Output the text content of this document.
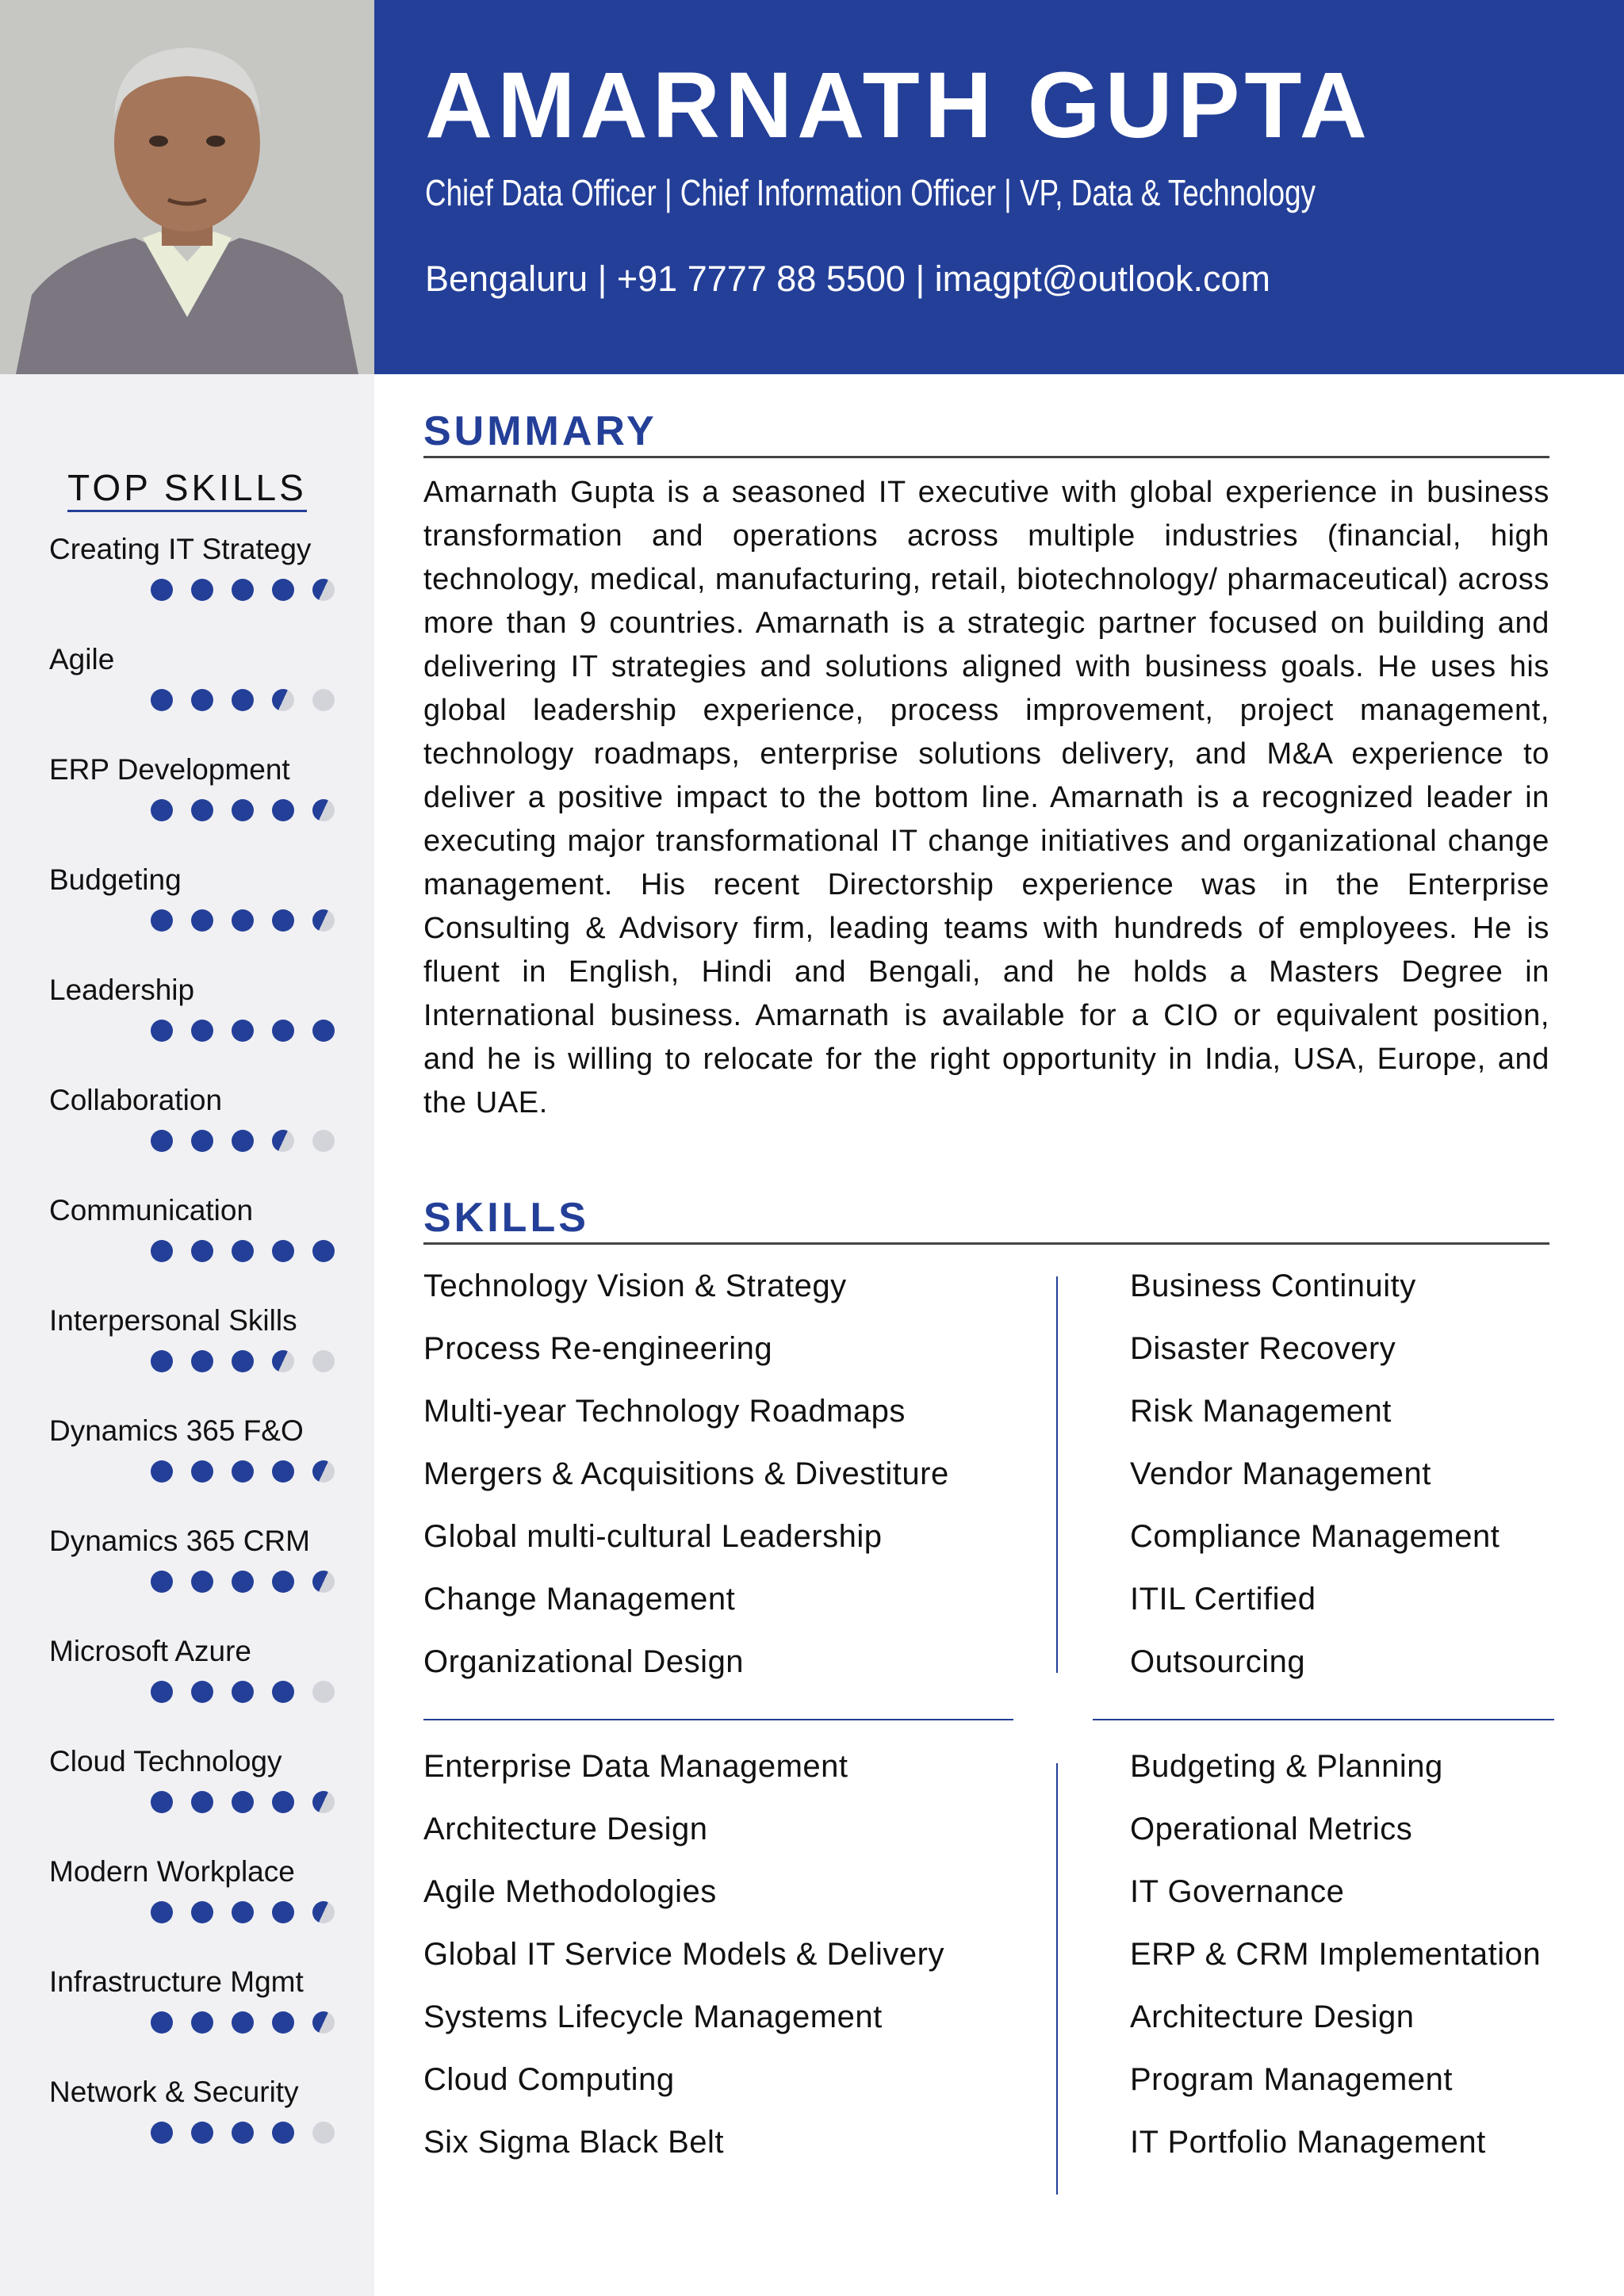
AMARNATH GUPTA
Chief Data Officer | Chief Information Officer | VP, Data & Technology
Bengaluru | +91 7777 88 5500 | imagpt@outlook.com
TOP SKILLS
Creating IT Strategy
Agile
ERP Development
Budgeting
Leadership
Collaboration
Communication
Interpersonal Skills
Dynamics 365 F&O
Dynamics 365 CRM
Microsoft Azure
Cloud Technology
Modern Workplace
Infrastructure Mgmt
Network & Security
SUMMARY
Amarnath Gupta is a seasoned IT executive with global experience in business transformation and operations across multiple industries (financial, high technology, medical, manufacturing, retail, biotechnology/ pharmaceutical) across more than 9 countries. Amarnath is a strategic partner focused on building and delivering IT strategies and solutions aligned with business goals. He uses his global leadership experience, process improvement, project management, technology roadmaps, enterprise solutions delivery, and M&A experience to deliver a positive impact to the bottom line. Amarnath is a recognized leader in executing major transformational IT change initiatives and organizational change management. His recent Directorship experience was in the Enterprise Consulting & Advisory firm, leading teams with hundreds of employees. He is fluent in English, Hindi and Bengali, and he holds a Masters Degree in International business. Amarnath is available for a CIO or equivalent position, and he is willing to relocate for the right opportunity in India, USA, Europe, and the UAE.
SKILLS
Technology Vision & Strategy
Process Re-engineering
Multi-year Technology Roadmaps
Mergers & Acquisitions & Divestiture
Global multi-cultural Leadership
Change Management
Organizational Design
Business Continuity
Disaster Recovery
Risk Management
Vendor Management
Compliance Management
ITIL Certified
Outsourcing
Enterprise Data Management
Architecture Design
Agile Methodologies
Global IT Service Models & Delivery
Systems Lifecycle Management
Cloud Computing
Six Sigma Black Belt
Budgeting & Planning
Operational Metrics
IT Governance
ERP & CRM Implementation
Architecture Design
Program Management
IT Portfolio Management
